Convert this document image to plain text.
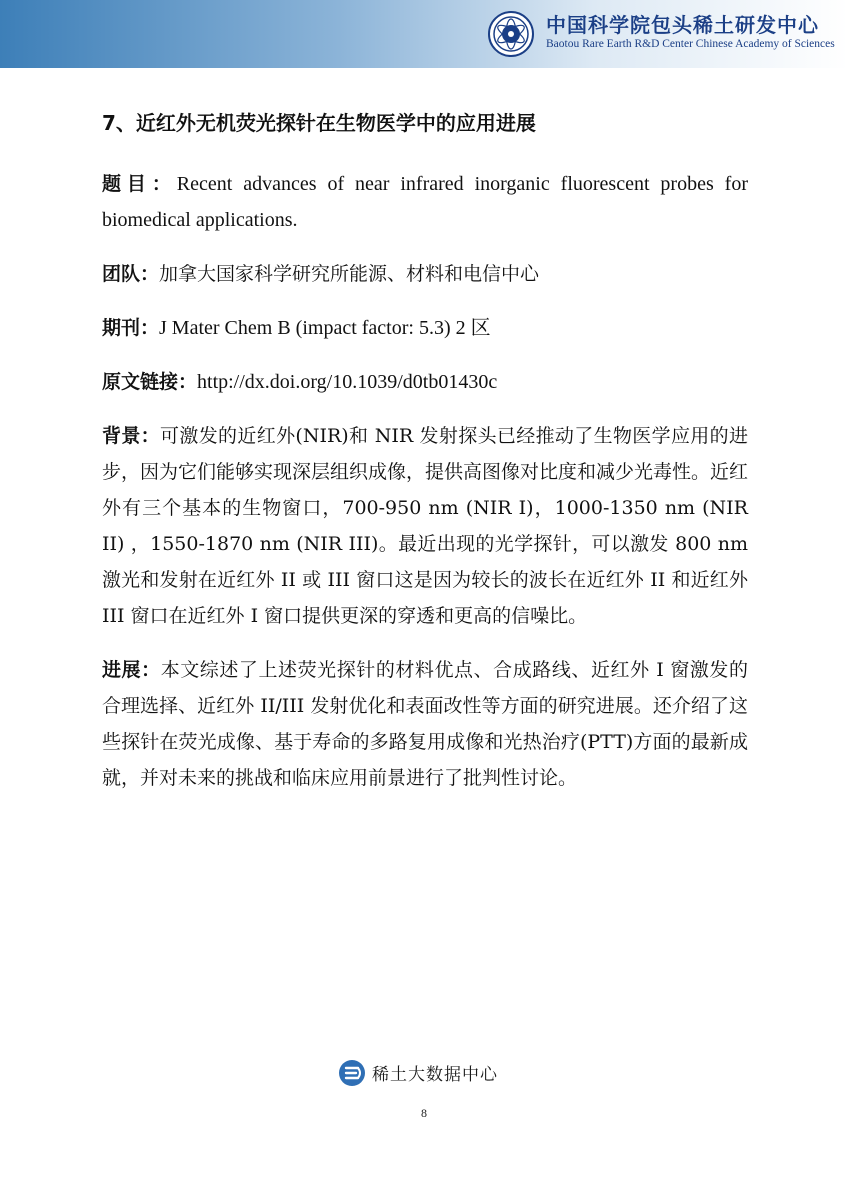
中国科学院包头稀土研发中心
Baotou Rare Earth R&D Center Chinese Academy of Sciences
7、近红外无机荧光探针在生物医学中的应用进展

题目：Recent advances of near infrared inorganic fluorescent probes for biomedical applications.

团队：加拿大国家科学研究所能源、材料和电信中心

期刊：J Mater Chem B (impact factor: 5.3) 2 区

原文链接：http://dx.doi.org/10.1039/d0tb01430c

背景：可激发的近红外(NIR)和 NIR 发射探头已经推动了生物医学应用的进步，因为它们能够实现深层组织成像，提供高图像对比度和减少光毒性。近红外有三个基本的生物窗口，700-950 nm (NIR I)，1000-1350 nm (NIR II) ，1550-1870 nm (NIR III)。最近出现的光学探针，可以激发 800 nm 激光和发射在近红外 II 或 III 窗口这是因为较长的波长在近红外 II 和近红外 III 窗口在近红外 I 窗口提供更深的穿透和更高的信噪比。

进展：本文综述了上述荧光探针的材料优点、合成路线、近红外 I 窗激发的合理选择、近红外 II/III 发射优化和表面改性等方面的研究进展。还介绍了这些探针在荧光成像、基于寿命的多路复用成像和光热治疗(PTT)方面的最新成就，并对未来的挑战和临床应用前景进行了批判性讨论。

稀土大数据中心
8
